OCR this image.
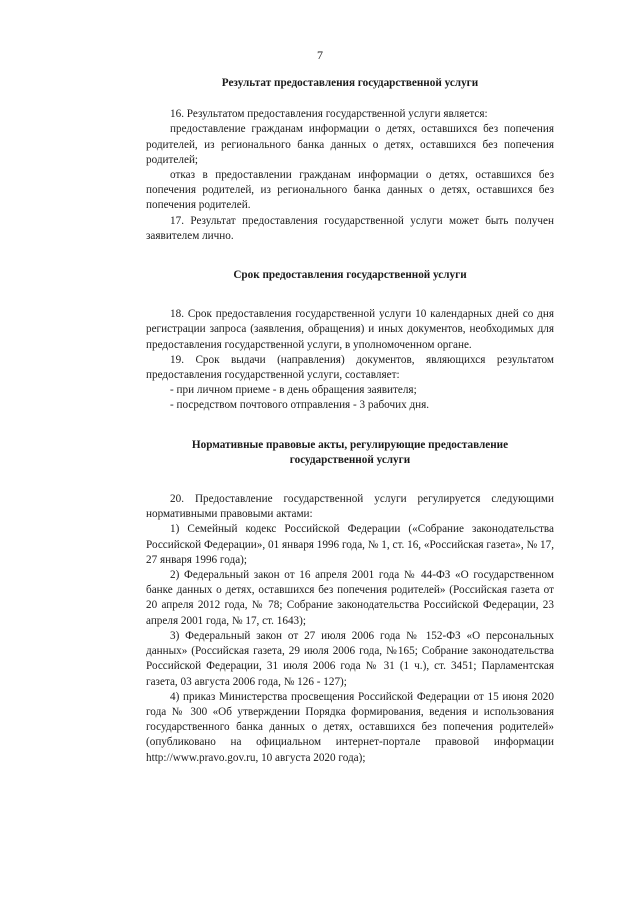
7

Результат предоставления государственной услуги

16. Результатом предоставления государственной услуги является:

предоставление гражданам информации о детях, оставшихся без попечения родителей, из регионального банка данных о детях, оставшихся без попечения родителей;

отказ в предоставлении гражданам информации о детях, оставшихся без попечения родителей, из регионального банка данных о детях, оставшихся без попечения родителей.

17. Результат предоставления государственной услуги может быть получен заявителем лично.

Срок предоставления государственной услуги

18. Срок предоставления государственной услуги 10 календарных дней со дня регистрации запроса (заявления, обращения) и иных документов, необходимых для предоставления государственной услуги, в уполномоченном органе.

19. Срок выдачи (направления) документов, являющихся результатом предоставления государственной услуги, составляет:

- при личном приеме - в день обращения заявителя;

- посредством почтового отправления - 3 рабочих дня.

Нормативные правовые акты, регулирующие предоставление

государственной услуги

20. Предоставление государственной услуги регулируется следующими нормативными правовыми актами:

1) Семейный кодекс Российской Федерации («Собрание законодательства Российской Федерации», 01 января 1996 года, № 1, ст. 16, «Российская газета», № 17, 27 января 1996 года);

2) Федеральный закон от 16 апреля 2001 года № 44-ФЗ «О государственном банке данных о детях, оставшихся без попечения родителей» (Российская газета от 20 апреля 2012 года, № 78; Собрание законодательства Российской Федерации, 23 апреля 2001 года, № 17, ст. 1643);

3) Федеральный закон от 27 июля 2006 года № 152-ФЗ «О персональных данных» (Российская газета, 29 июля 2006 года, №165; Собрание законодательства Российской Федерации, 31 июля 2006 года № 31 (1 ч.), ст. 3451; Парламентская газета, 03 августа 2006 года, № 126 - 127);

4) приказ Министерства просвещения Российской Федерации от 15 июня 2020 года № 300 «Об утверждении Порядка формирования, ведения и использования государственного банка данных о детях, оставшихся без попечения родителей» (опубликовано на официальном интернет-портале правовой информации http://www.pravo.gov.ru, 10 августа 2020 года);
